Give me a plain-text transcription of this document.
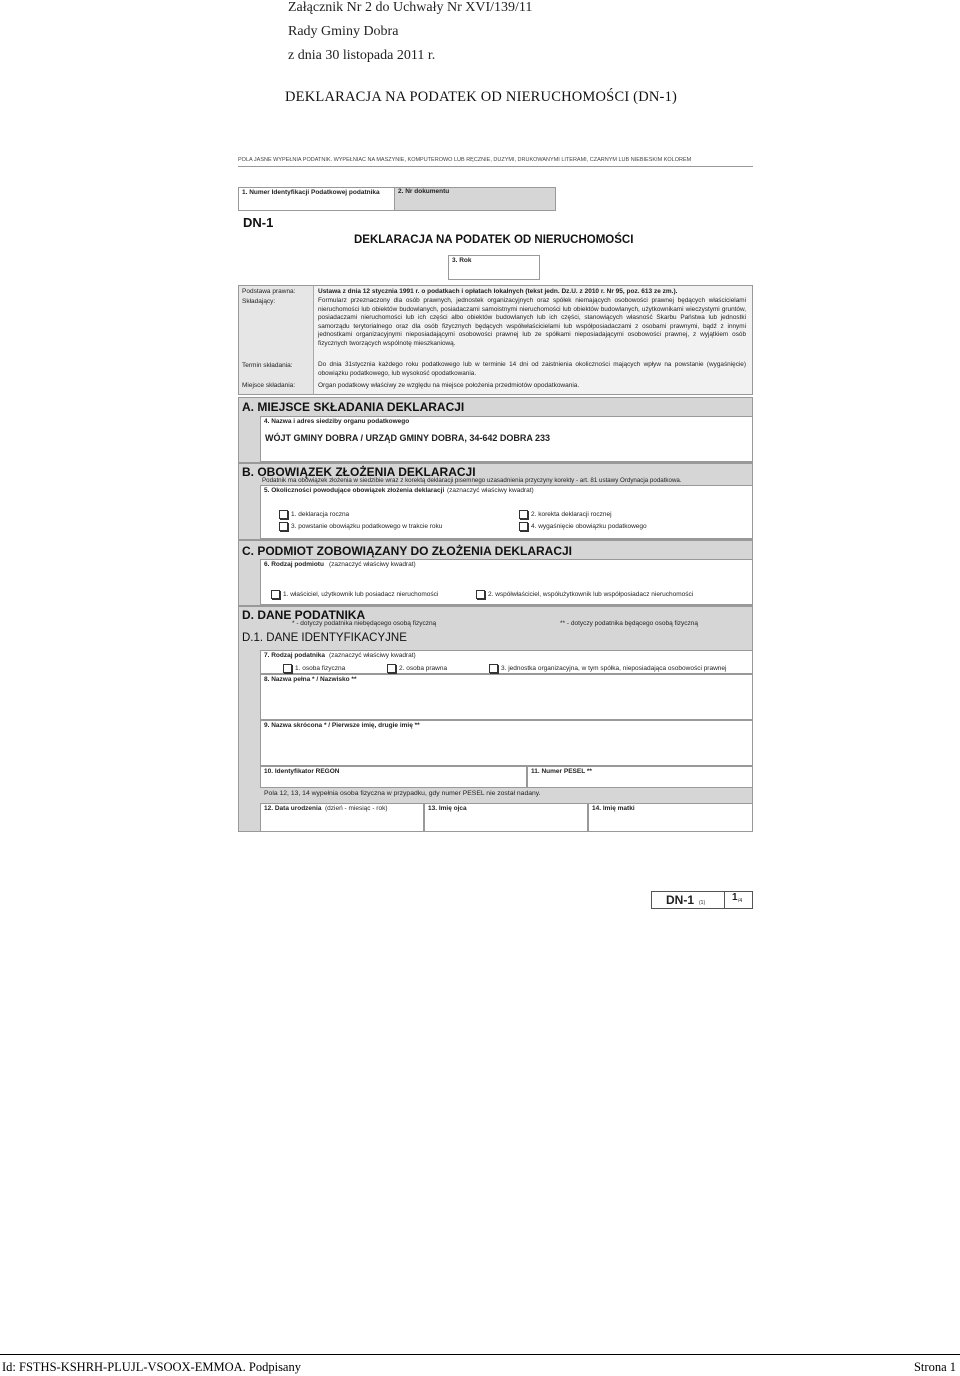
Załącznik Nr 2 do Uchwały Nr XVI/139/11
Rady Gminy Dobra
z dnia 30 listopada 2011 r.
DEKLARACJA NA PODATEK OD NIERUCHOMOŚCI (DN-1)
POLA JASNE WYPEŁNIA PODATNIK. WYPEŁNIAĆ NA MASZYNIE, KOMPUTEROWO LUB RĘCZNIE, DUŻYMI, DRUKOWANYMI LITERAMI, CZARNYM LUB NIEBIESKIM KOLOREM
1. Numer Identyfikacji Podatkowej podatnika	2. Nr dokumentu
DN-1
DEKLARACJA NA PODATEK OD NIERUCHOMOŚCI
3. Rok
Podstawa prawna:	Ustawa z dnia 12 stycznia 1991 r. o podatkach i opłatach lokalnych (tekst jedn. Dz.U. z 2010 r. Nr 95, poz. 613 ze zm.).
Składający:	Formularz przeznaczony dla osób prawnych, jednostek organizacyjnych oraz spółek niemających osobowości prawnej będących właścicielami nieruchomości lub obiektów budowlanych, posiadaczami samoistnymi nieruchomości lub obiektów budowlanych, użytkownikami wieczystymi gruntów, posiadaczami nieruchomości lub ich części albo obiektów budowlanych lub ich części, stanowiących własność Skarbu Państwa lub jednostki samorządu terytorialnego oraz dla osób fizycznych będących współwłaścicielami lub współposiadaczami z osobami prawnymi, bądź z innymi jednostkami organizacyjnymi nieposiadającymi osobowości prawnej lub ze spółkami nieposiadającymi osobowości prawnej, z wyjątkiem osób fizycznych tworzących wspólnotę mieszkaniową.
Termin składania:	Do dnia 31stycznia każdego roku podatkowego lub w terminie 14 dni od zaistnienia okoliczności mających wpływ na powstanie (wygaśnięcie) obowiązku podatkowego, lub wysokość opodatkowania.
Miejsce składania:	Organ podatkowy właściwy ze względu na miejsce położenia przedmiotów opodatkowania.
A. MIEJSCE SKŁADANIA DEKLARACJI
4. Nazwa i adres siedziby organu podatkowego
WÓJT GMINY DOBRA / URZĄD GMINY DOBRA, 34-642 DOBRA 233
B. OBOWIĄZEK ZŁOŻENIA DEKLARACJI
Podatnik ma obowiązek złożenia w siedzibie wraz z korektą deklaracji pisemnego uzasadnienia przyczyny korekty - art. 81 ustawy Ordynacja podatkowa.
5. Okoliczności powodujące obowiązek złożenia deklaracji (zaznaczyć właściwy kwadrat)
1. deklaracja roczna	2. korekta deklaracji rocznej
3. powstanie obowiązku podatkowego w trakcie roku	4. wygaśnięcie obowiązku podatkowego
C. PODMIOT ZOBOWIĄZANY DO ZŁOŻENIA DEKLARACJI
6. Rodzaj podmiotu (zaznaczyć właściwy kwadrat)
1. właściciel, użytkownik lub posiadacz nieruchomości	2. współwłaściciel, współużytkownik lub współposiadacz nieruchomości
D. DANE PODATNIKA
* - dotyczy podatnika niebędącego osobą fizyczną	** - dotyczy podatnika będącego osobą fizyczną
D.1. DANE IDENTYFIKACYJNE
7. Rodzaj podatnika (zaznaczyć właściwy kwadrat)
1. osoba fizyczna	2. osoba prawna	3. jednostka organizacyjna, w tym spółka, nieposiadająca osobowości prawnej
8. Nazwa pełna * / Nazwisko **
9. Nazwa skrócona * / Pierwsze imię, drugie imię **
10. Identyfikator REGON	11. Numer PESEL **
Pola 12, 13, 14 wypełnia osoba fizyczna w przypadku, gdy numer PESEL nie został nadany.
12. Data urodzenia (dzień - miesiąc - rok)	13. Imię ojca	14. Imię matki
DN-1 (1)	1 /4
Id: FSTHS-KSHRH-PLUJL-VSOOX-EMMOA. Podpisany	Strona 1
